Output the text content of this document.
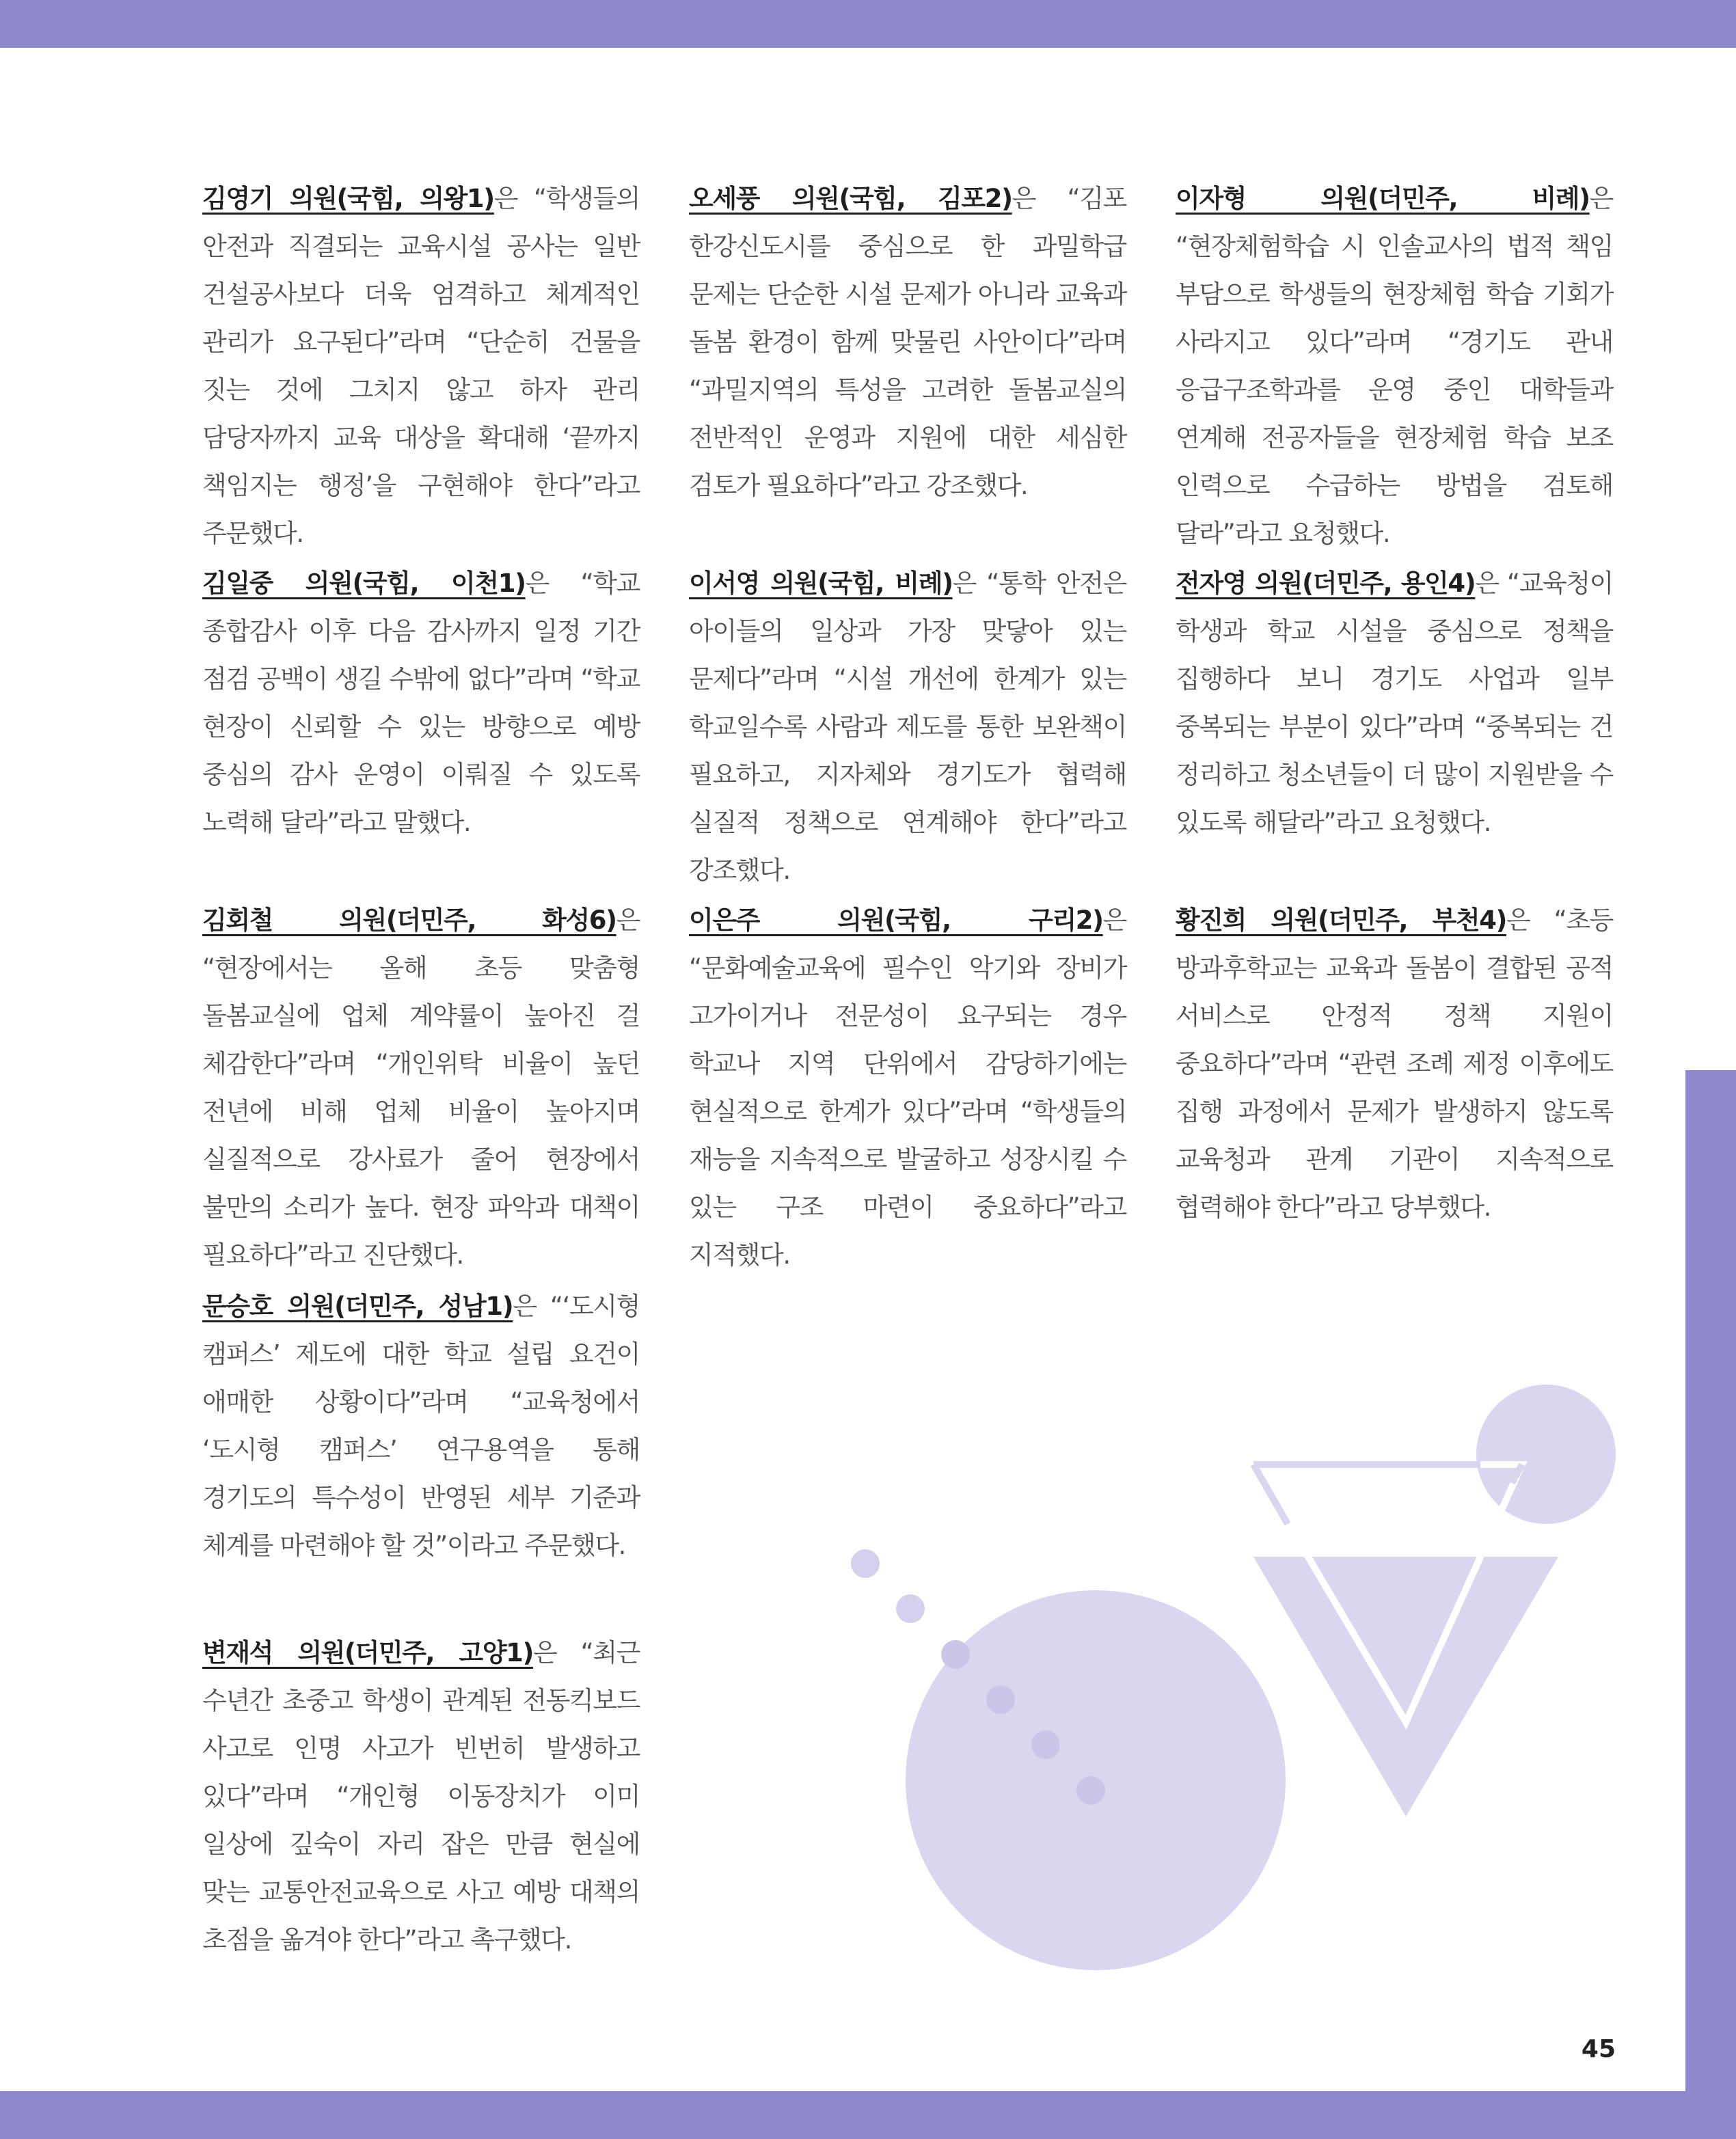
김영기 의원(국힘, 의왕1)은 “학생들의 안전과 직결되는 교육시설 공사는 일반 건설공사보다 더욱 엄격하고 체계적인 관리가 요구된다”라며 “단순히 건물을 짓는 것에 그치지 않고 하자 관리 담당자까지 교육 대상을 확대해 ‘끝까지 책임지는 행정’을 구현해야 한다”라고 주문했다.

김일중 의원(국힘, 이천1)은 “학교 종합감사 이후 다음 감사까지 일정 기간 점검 공백이 생길 수밖에 없다”라며 “학교 현장이 신뢰할 수 있는 방향으로 예방 중심의 감사 운영이 이뤄질 수 있도록 노력해 달라”라고 말했다.

김회철 의원(더민주, 화성6)은 “현장에서는 올해 초등 맞춤형 돌봄교실에 업체 계약률이 높아진 걸 체감한다”라며 “개인위탁 비율이 높던 전년에 비해 업체 비율이 높아지며 실질적으로 강사료가 줄어 현장에서 불만의 소리가 높다. 현장 파악과 대책이 필요하다”라고 진단했다.

문승호 의원(더민주, 성남1)은 “‘도시형 캠퍼스’ 제도에 대한 학교 설립 요건이 애매한 상황이다”라며 “교육청에서 ‘도시형 캠퍼스’ 연구용역을 통해 경기도의 특수성이 반영된 세부 기준과 체계를 마련해야 할 것”이라고 주문했다.

변재석 의원(더민주, 고양1)은 “최근 수년간 초중고 학생이 관계된 전동킥보드 사고로 인명 사고가 빈번히 발생하고 있다”라며 “개인형 이동장치가 이미 일상에 깊숙이 자리 잡은 만큼 현실에 맞는 교통안전교육으로 사고 예방 대책의 초점을 옮겨야 한다”라고 촉구했다.

오세풍 의원(국힘, 김포2)은 “김포 한강신도시를 중심으로 한 과밀학급 문제는 단순한 시설 문제가 아니라 교육과 돌봄 환경이 함께 맞물린 사안이다”라며 “과밀지역의 특성을 고려한 돌봄교실의 전반적인 운영과 지원에 대한 세심한 검토가 필요하다”라고 강조했다.

이서영 의원(국힘, 비례)은 “통학 안전은 아이들의 일상과 가장 맞닿아 있는 문제다”라며 “시설 개선에 한계가 있는 학교일수록 사람과 제도를 통한 보완책이 필요하고, 지자체와 경기도가 협력해 실질적 정책으로 연계해야 한다”라고 강조했다.

이은주 의원(국힘, 구리2)은 “문화예술교육에 필수인 악기와 장비가 고가이거나 전문성이 요구되는 경우 학교나 지역 단위에서 감당하기에는 현실적으로 한계가 있다”라며 “학생들의 재능을 지속적으로 발굴하고 성장시킬 수 있는 구조 마련이 중요하다”라고 지적했다.

이자형 의원(더민주, 비례)은 “현장체험학습 시 인솔교사의 법적 책임 부담으로 학생들의 현장체험 학습 기회가 사라지고 있다”라며 “경기도 관내 응급구조학과를 운영 중인 대학들과 연계해 전공자들을 현장체험 학습 보조 인력으로 수급하는 방법을 검토해 달라”라고 요청했다.

전자영 의원(더민주, 용인4)은 “교육청이 학생과 학교 시설을 중심으로 정책을 집행하다 보니 경기도 사업과 일부 중복되는 부분이 있다”라며 “중복되는 건 정리하고 청소년들이 더 많이 지원받을 수 있도록 해달라”라고 요청했다.

황진희 의원(더민주, 부천4)은 “초등 방과후학교는 교육과 돌봄이 결합된 공적 서비스로 안정적 정책 지원이 중요하다”라며 “관련 조례 제정 이후에도 집행 과정에서 문제가 발생하지 않도록 교육청과 관계 기관이 지속적으로 협력해야 한다”라고 당부했다.

45
